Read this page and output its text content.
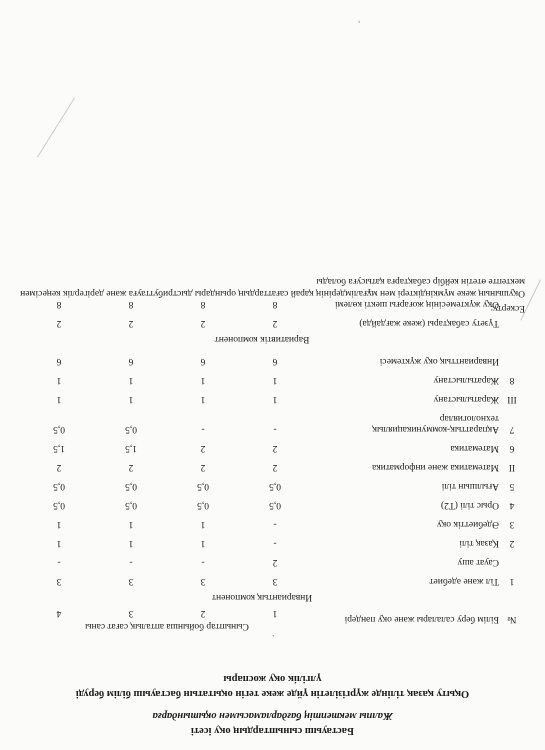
Бастауыш сыныптардың оқу ісеті
Жалпы мектептің бағдарламасымен оқытындарға
Оқыту қазақ тілінде жүргізілетін үйде жеке тегін оқытатын бастауыш білім беруді
үлгілік оқу жоспары
№	Білім беру салалары және оқу пәндері	Сыныптар бойынша апталық сағат саны			
		1	2	3	4
	Инвариантық компонент				
1	Тіл және әдебиет	3	3	3	3

	Сауат ашу	2	-	-	-

2	Қазақ тілі	-	1	1	1

3	Әдебиеттік оқу	-	1	1	1

4	Орыс тілі (Т2)	0,5	0,5	0,5	0,5

5	Ағылшын тілі	0,5	0,5	0,5	0,5

II	Математика және информатика	2	2	2	2

6	Математика	2	2	1,5	1,5

7	Ақпараттық-коммуникациялық технологиялар	-	-	0,5	0,5

III	Жаратылыстану	1	1	1	1

8	Жаратылыстану	1	1	1	1

	Инварианттық оқу жүктемесі	6	6	6	6

	Вариативтік компонент				
	Түзету сабақтары (жеке жағдайда)	2	2	2	2

	Оқу жүктемесінің жоғарғы шекті көлемі	8	8	8	8	Ескерту:

Оқушының жеке мүмкіндіктері мен мұғалімдерінің қарай сағаттардың орындары дыстрибуттауға және дәрігерлік кеңесімен мектепте өтетін кейбір сабақтарға қатысуға болады

'
·
